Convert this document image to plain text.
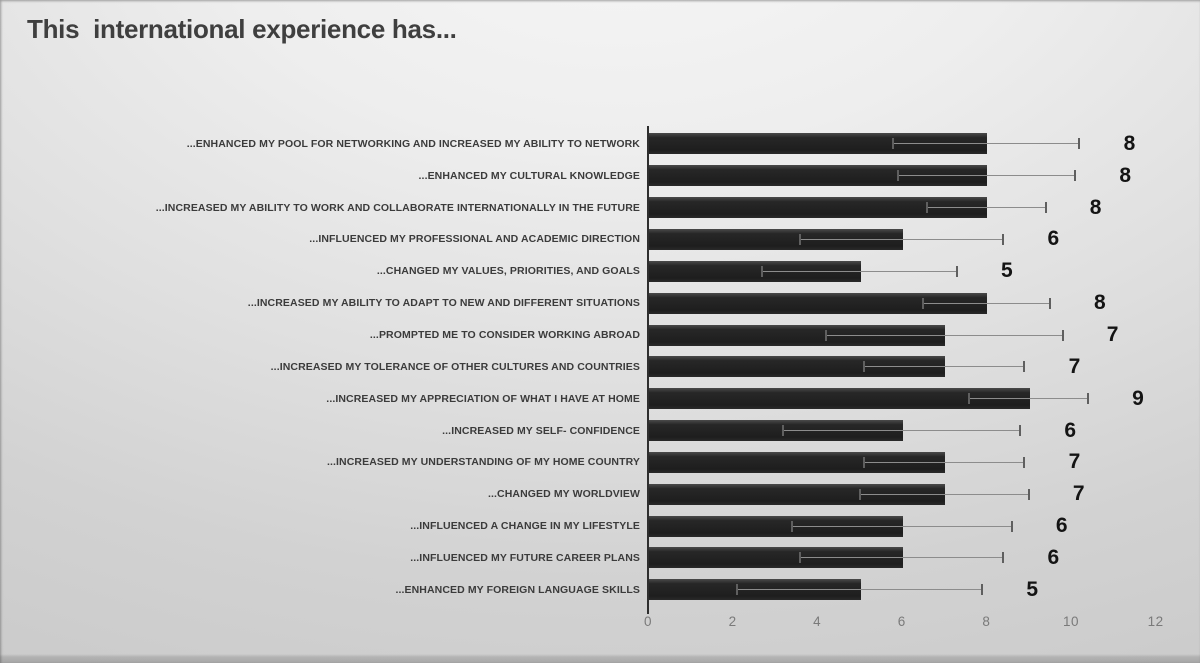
This  international experience has...
...ENHANCED MY POOL FOR NETWORKING AND INCREASED MY ABILITY TO NETWORK	8
...ENHANCED MY CULTURAL KNOWLEDGE	8
...INCREASED MY ABILITY TO WORK AND COLLABORATE INTERNATIONALLY IN THE FUTURE	8
...INFLUENCED MY PROFESSIONAL AND ACADEMIC DIRECTION	6
...CHANGED MY VALUES, PRIORITIES, AND GOALS	5
...INCREASED MY ABILITY TO ADAPT TO NEW AND DIFFERENT SITUATIONS	8
...PROMPTED ME TO CONSIDER WORKING ABROAD	7
...INCREASED MY TOLERANCE OF OTHER CULTURES AND COUNTRIES	7
...INCREASED MY APPRECIATION OF WHAT I HAVE AT HOME	9
...INCREASED MY SELF- CONFIDENCE	6
...INCREASED MY UNDERSTANDING OF MY HOME COUNTRY	7
...CHANGED MY WORLDVIEW	7
...INFLUENCED A CHANGE IN MY LIFESTYLE	6
...INFLUENCED MY FUTURE CAREER PLANS	6
...ENHANCED MY FOREIGN LANGUAGE SKILLS	5
0	2	4	6	8	10	12
